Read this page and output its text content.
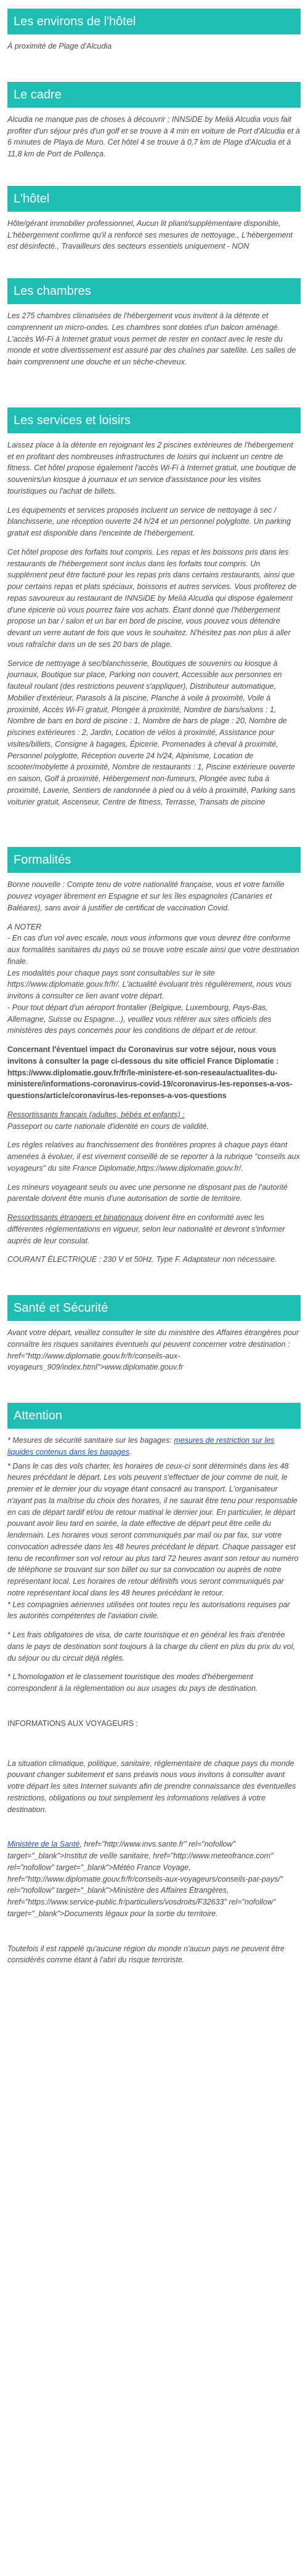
Les environs de l'hôtel

À proximité de Plage d'Alcudia

Le cadre

Alcudia ne manque pas de choses à découvrir ; INNSiDE by Meliá Alcudia vous fait profiter d'un séjour près d'un golf et se trouve à 4 min en voiture de Port d'Alcudia et à 6 minutes de Playa de Muro. Cet hôtel 4 se trouve à 0,7 km de Plage d'Alcudia et à 11,8 km de Port de Pollença.

L'hôtel

Hôte/gérant immobilier professionnel, Aucun lit pliant/supplémentaire disponible, L'hébergement confirme qu'il a renforcé ses mesures de nettoyage., L'hébergement est désinfecté., Travailleurs des secteurs essentiels uniquement - NON

Les chambres

Les 275 chambres climatisées de l'hébergement vous invitent à la détente et comprennent un micro-ondes. Les chambres sont dotées d'un balcon aménagé. L'accès Wi-Fi à Internet gratuit vous permet de rester en contact avec le reste du monde et votre divertissement est assuré par des chaînes par satellite. Les salles de bain comprennent une douche et un sèche-cheveux.

Les services et loisirs

Laissez place à la détente en rejoignant les 2 piscines extérieures de l'hébergement et en profitant des nombreuses infrastructures de loisirs qui incluent un centre de fitness. Cet hôtel propose également l'accès Wi-Fi à Internet gratuit, une boutique de souvenirs/un kiosque à journaux et un service d'assistance pour les visites touristiques ou l'achat de billets.

Les équipements et services proposés incluent un service de nettoyage à sec / blanchisserie, une réception ouverte 24 h/24 et un personnel polyglotte. Un parking gratuit est disponible dans l'enceinte de l'hébergement.

Cet hôtel propose des forfaits tout compris. Les repas et les boissons pris dans les restaurants de l'hébergement sont inclus dans les forfaits tout compris. Un supplément peut être facturé pour les repas pris dans certains restaurants, ainsi que pour certains repas et plats spéciaux, boissons et autres services. Vous profiterez de repas savoureux au restaurant de INNSiDE by Meliá Alcudia qui dispose également d'une épicerie où vous pourrez faire vos achats. Étant donné que l'hébergement propose un bar / salon et un bar en bord de piscine, vous pouvez vous détendre devant un verre autant de fois que vous le souhaitez. N'hésitez pas non plus à aller vous rafraîchir dans un de ses 20 bars de plage.

Service de nettoyage à sec/blanchisserie, Boutiques de souvenirs ou kiosque à journaux, Boutique sur place, Parking non couvert, Accessible aux personnes en fauteuil roulant (des restrictions peuvent s'appliquer), Distributeur automatique, Mobilier d'extérieur, Parasols à la piscine, Planche à voile à proximité, Voile à proximité, Accès Wi-Fi gratuit, Plongée à proximité, Nombre de bars/salons : 1, Nombre de bars en bord de piscine : 1, Nombre de bars de plage : 20, Nombre de piscines extérieures : 2, Jardin, Location de vélos à proximité, Assistance pour visites/billets, Consigne à bagages, Épicerie, Promenades à cheval à proximité, Personnel polyglotte, Réception ouverte 24 h/24, Alpinisme, Location de scooter/mobylette à proximité, Nombre de restaurants : 1, Piscine extérieure ouverte en saison, Golf à proximité, Hébergement non-fumeurs, Plongée avec tuba à proximité, Laverie, Sentiers de randonnée à pied ou à vélo à proximité, Parking sans voiturier gratuit, Ascenseur, Centre de fitness, Terrasse, Transats de piscine

Formalités

Bonne nouvelle : Compte tenu de votre nationalité française, vous et votre famille pouvez voyager librement en Espagne et sur les îles espagnoles (Canaries et Baléares), sans avoir à justifier de certificat de vaccination Covid.

A NOTER

- En cas d'un vol avec escale, nous vous informons que vous devrez être conforme aux formalités sanitaires du pays où se trouve votre escale ainsi que votre destination finale.

Les modalités pour chaque pays sont consultables sur le site https://www.diplomatie.gouv.fr/fr/. L'actualité évoluant très régulièrement, nous vous invitons à consulter ce lien avant votre départ.

- Pour tout départ d'un aéroport frontalier (Belgique, Luxembourg, Pays-Bas, Allemagne, Suisse ou Espagne...), veuillez vous référer aux sites officiels des ministères des pays concernés pour les conditions de départ et de retour.

Concernant l'éventuel impact du Coronavirus sur votre séjour, nous vous invitons à consulter la page ci-dessous du site officiel France Diplomatie : https://www.diplomatie.gouv.fr/fr/le-ministere-et-son-reseau/actualites-du-ministere/informations-coronavirus-covid-19/coronavirus-les-reponses-a-vos-questions/article/coronavirus-les-reponses-a-vos-questions

Ressortissants français (adultes, bébés et enfants) :

Passeport ou carte nationale d'identité en cours de validité.

Les règles relatives au franchissement des frontières propres à chaque pays étant amenées à évoluer, il est vivement conseillé de se reporter à la rubrique "conseils aux voyageurs" du site France Diplomatie,https://www.diplomatie.gouv.fr/.

Les mineurs voyageant seuls ou avec une personne ne disposant pas de l'autorité parentale doivent être munis d'une autorisation de sortie de territoire.

Ressortissants étrangers et binationaux doivent être en conformité avec les différentes réglementations en vigueur, selon leur nationalité et devront s'informer auprès de leur consulat.

COURANT ÉLECTRIQUE : 230 V et 50Hz. Type F. Adaptateur non nécessaire.

Santé et Sécurité

Avant votre départ, veuillez consulter le site du ministère des Affaires étrangères pour connaître les risques sanitaires éventuels qui peuvent concerner votre destination : href="http://www.diplomatie.gouv.fr/fr/conseils-aux-voyageurs_909/index.html">www.diplomatie.gouv.fr

Attention

* Mesures de sécurité sanitaire sur les bagages: mesures de restriction sur les liquides contenus dans les bagages.

* Dans le cas des vols charter, les horaires de ceux-ci sont déterminés dans les 48 heures précédant le départ. Les vols peuvent s'effectuer de jour comme de nuit, le premier et le dernier jour du voyage étant consacré au transport. L'organisateur n'ayant pas la maîtrise du choix des horaires, il ne saurait être tenu pour responsable en cas de départ tardif et/ou de retour matinal le dernier jour. En particulier, le départ pouvant avoir lieu tard en soirée, la date effective de départ peut être celle du lendemain. Les horaires vous seront communiqués par mail ou par fax, sur votre convocation adressée dans les 48 heures précédant le départ. Chaque passager est tenu de reconfirmer son vol retour au plus tard 72 heures avant son retour au numéro de téléphone se trouvant sur son billet ou sur sa convocation ou auprès de notre représentant local. Les horaires de retour définitifs vous seront communiqués par notre représentant local dans les 48 heures précédant le retour.

* Les compagnies aériennes utilisées ont toutes reçu les autorisations requises par les autorités compétentes de l'aviation civile.

* Les frais obligatoires de visa, de carte touristique et en général les frais d'entrée dans le pays de destination sont toujours à la charge du client en plus du prix du vol, du séjour ou du circuit déjà réglés.

* L'homologation et le classement touristique des modes d'hébergement correspondent à la réglementation ou aux usages du pays de destination.

INFORMATIONS AUX VOYAGEURS :

La situation climatique, politique, sanitaire, réglementaire de chaque pays du monde pouvant changer subitement et sans préavis nous vous invitons à consulter avant votre départ les sites Internet suivants afin de prendre connaissance des éventuelles restrictions, obligations ou tout simplement les informations relatives à votre destination.

Ministère de la Santé, href="http://www.invs.sante.fr" rel="nofollow" target="_blank">Institut de veille sanitaire, href="http://www.meteofrance.com" rel="nofollow" target="_blank">Météo France Voyage, href="http://www.diplomatie.gouv.fr/fr/conseils-aux-voyageurs/conseils-par-pays/" rel="nofollow" target="_blank">Ministère des Affaires Étrangères, href="https://www.service-public.fr/particuliers/vosdroits/F32633" rel="nofollow" target="_blank">Documents légaux pour la sortie du territoire.

Toutefois il est rappelé qu'aucune région du monde n'aucun pays ne peuvent être considérés comme étant à l'abri du risque terroriste.
